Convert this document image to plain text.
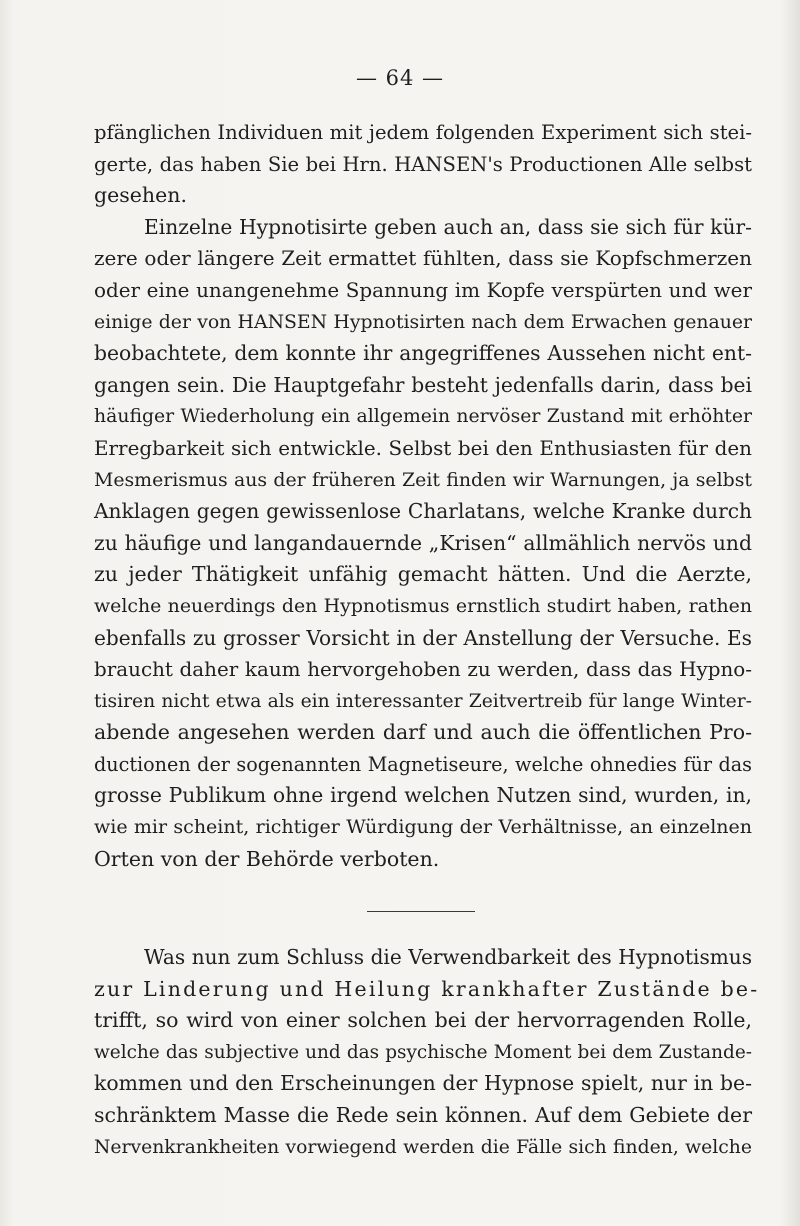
— 64 —
pfänglichen Individuen mit jedem folgenden Experiment sich stei-
gerte, das haben Sie bei Hrn. HANSEN's Productionen Alle selbst
gesehen.
Einzelne Hypnotisirte geben auch an, dass sie sich für kür-
zere oder längere Zeit ermattet fühlten, dass sie Kopfschmerzen
oder eine unangenehme Spannung im Kopfe verspürten und wer
einige der von HANSEN Hypnotisirten nach dem Erwachen genauer
beobachtete, dem konnte ihr angegriffenes Aussehen nicht ent-
gangen sein. Die Hauptgefahr besteht jedenfalls darin, dass bei
häufiger Wiederholung ein allgemein nervöser Zustand mit erhöhter
Erregbarkeit sich entwickle. Selbst bei den Enthusiasten für den
Mesmerismus aus der früheren Zeit finden wir Warnungen, ja selbst
Anklagen gegen gewissenlose Charlatans, welche Kranke durch
zu häufige und langandauernde „Krisen“ allmählich nervös und
zu jeder Thätigkeit unfähig gemacht hätten. Und die Aerzte,
welche neuerdings den Hypnotismus ernstlich studirt haben, rathen
ebenfalls zu grosser Vorsicht in der Anstellung der Versuche. Es
braucht daher kaum hervorgehoben zu werden, dass das Hypno-
tisiren nicht etwa als ein interessanter Zeitvertreib für lange Winter-
abende angesehen werden darf und auch die öffentlichen Pro-
ductionen der sogenannten Magnetiseure, welche ohnedies für das
grosse Publikum ohne irgend welchen Nutzen sind, wurden, in,
wie mir scheint, richtiger Würdigung der Verhältnisse, an einzelnen
Orten von der Behörde verboten.
Was nun zum Schluss die Verwendbarkeit des Hypnotismus
zur Linderung und Heilung krankhafter Zustände be-
trifft, so wird von einer solchen bei der hervorragenden Rolle,
welche das subjective und das psychische Moment bei dem Zustande-
kommen und den Erscheinungen der Hypnose spielt, nur in be-
schränktem Masse die Rede sein können. Auf dem Gebiete der
Nervenkrankheiten vorwiegend werden die Fälle sich finden, welche
